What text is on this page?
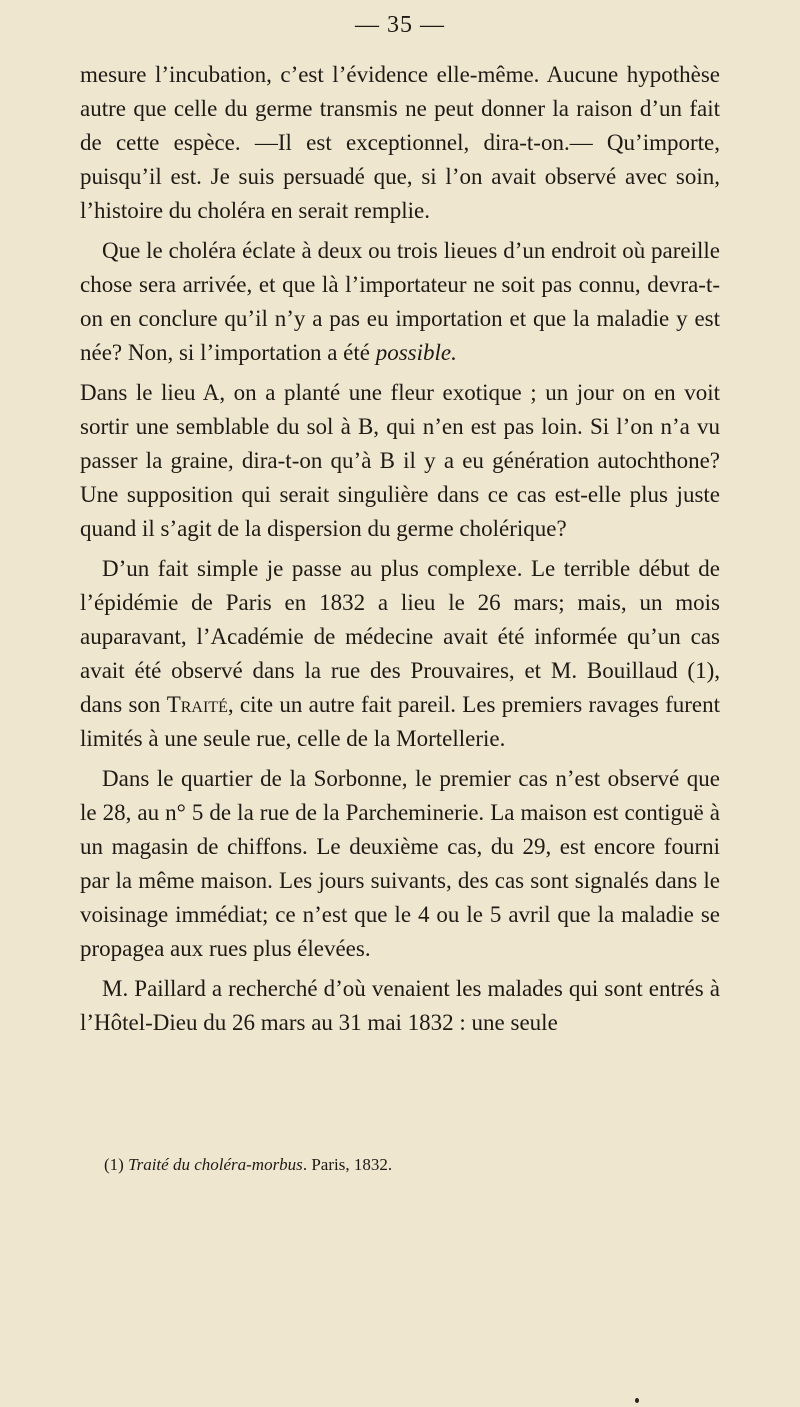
— 35 —

mesure l’incubation, c’est l’évidence elle-même. Aucune hypothèse autre que celle du germe transmis ne peut donner la raison d’un fait de cette espèce. —Il est exceptionnel, dira-t-on.— Qu’importe, puisqu’il est. Je suis persuadé que, si l’on avait observé avec soin, l’histoire du choléra en serait remplie.

Que le choléra éclate à deux ou trois lieues d’un endroit où pareille chose sera arrivée, et que là l’importateur ne soit pas connu, devra-t-on en conclure qu’il n’y a pas eu importation et que la maladie y est née? Non, si l’importation a été possible.

Dans le lieu A, on a planté une fleur exotique ; un jour on en voit sortir une semblable du sol à B, qui n’en est pas loin. Si l’on n’a vu passer la graine, dira-t-on qu’à B il y a eu génération autochthone? Une supposition qui serait singulière dans ce cas est-elle plus juste quand il s’agit de la dispersion du germe cholérique?

D’un fait simple je passe au plus complexe. Le terrible début de l’épidémie de Paris en 1832 a lieu le 26 mars; mais, un mois auparavant, l’Académie de médecine avait été informée qu’un cas avait été observé dans la rue des Prouvaires, et M. Bouillaud (1), dans son Traité, cite un autre fait pareil. Les premiers ravages furent limités à une seule rue, celle de la Mortellerie.

Dans le quartier de la Sorbonne, le premier cas n’est observé que le 28, au n° 5 de la rue de la Parcheminerie. La maison est contiguë à un magasin de chiffons. Le deuxième cas, du 29, est encore fourni par la même maison. Les jours suivants, des cas sont signalés dans le voisinage immédiat; ce n’est que le 4 ou le 5 avril que la maladie se propagea aux rues plus élevées.

M. Paillard a recherché d’où venaient les malades qui sont entrés à l’Hôtel-Dieu du 26 mars au 31 mai 1832 : une seule

(1) Traité du choléra-morbus. Paris, 1832.
